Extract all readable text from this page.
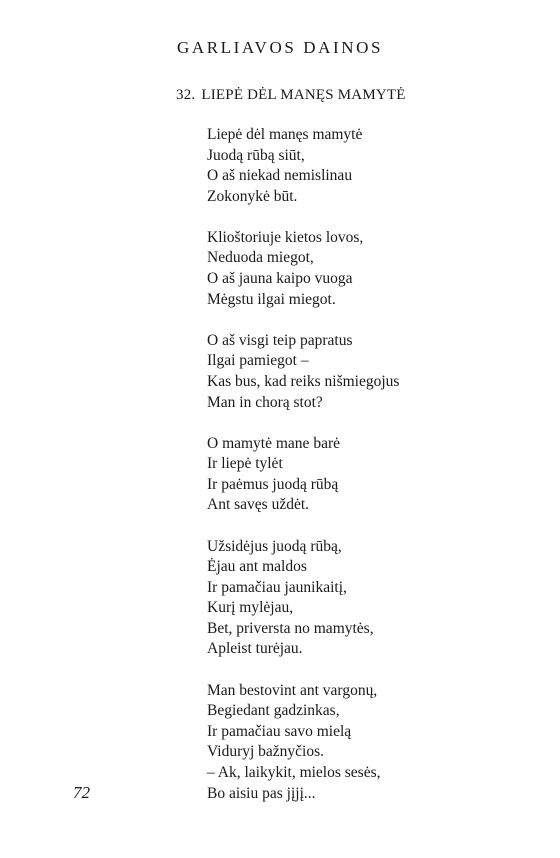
GARLIAVOS DAINOS
32. LIEPĖ DĖL MANĘS MAMYTĖ
Liepė dėl manęs mamytė
Juodą rūbą siūt,
O aš niekad nemislinau
Zokonykė būt.
Klioštoriuje kietos lovos,
Neduoda miegot,
O aš jauna kaipo vuoga
Mėgstu ilgai miegot.
O aš visgi teip papratus
Ilgai pamiegot –
Kas bus, kad reiks nišmiegojus
Man in chorą stot?
O mamytė mane barė
Ir liepė tylėt
Ir paėmus juodą rūbą
Ant savęs uždėt.
Užsidėjus juodą rūbą,
Ėjau ant maldos
Ir pamačiau jaunikaitį,
Kurį mylėjau,
Bet, priversta no mamytės,
Apleist turėjau.
Man bestovint ant vargonų,
Begiedant gadzinkas,
Ir pamačiau savo mielą
Viduryj bažnyčios.
– Ak, laikykit, mielos sesės,
Bo aisiu pas jįjį...
72
